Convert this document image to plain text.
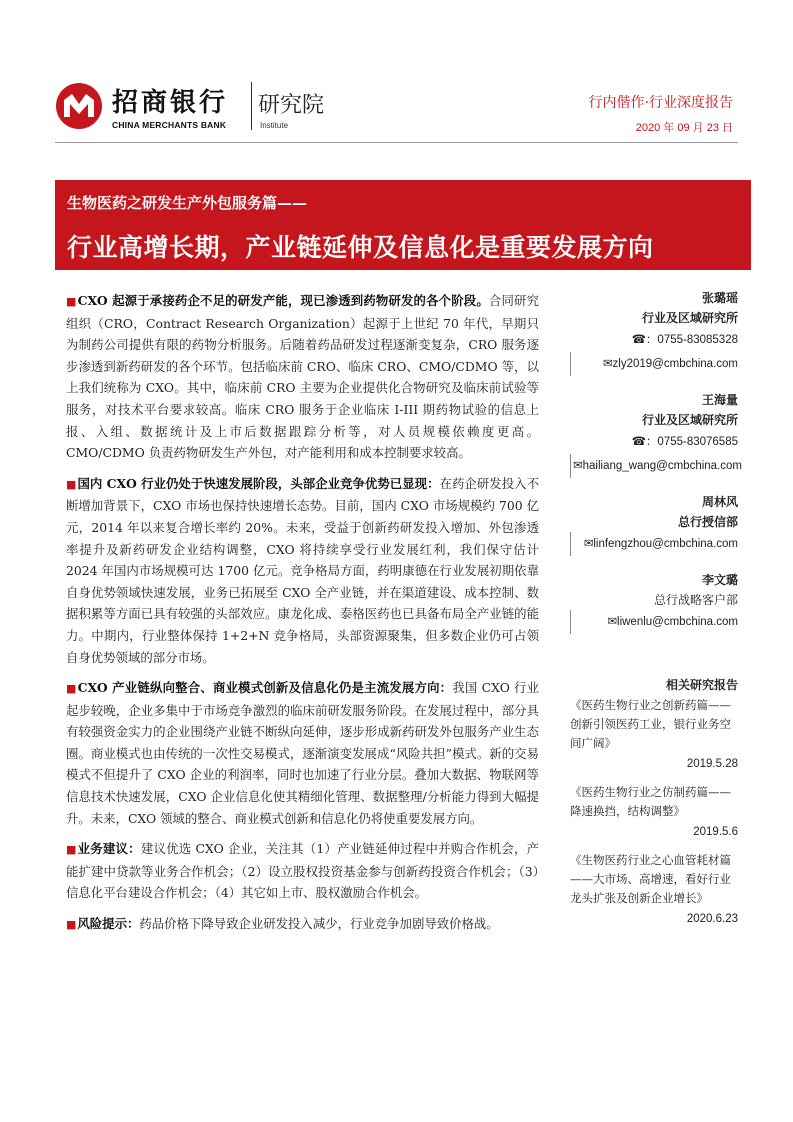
招商银行
CHINA MERCHANTS BANK
研究院
Institute
行内偕作·行业深度报告
2020 年 09 月 23 日
生物医药之研发生产外包服务篇——
行业高增长期，产业链延伸及信息化是重要发展方向

■CXO 起源于承接药企不足的研发产能，现已渗透到药物研发的各个阶段。合同研究组织（CRO，Contract Research Organization）起源于上世纪 70 年代，早期只为制药公司提供有限的药物分析服务。后随着药品研发过程逐渐变复杂，CRO 服务逐步渗透到新药研发的各个环节。包括临床前 CRO、临床 CRO、CMO/CDMO 等，以上我们统称为 CXO。其中，临床前 CRO 主要为企业提供化合物研究及临床前试验等服务，对技术平台要求较高。临床 CRO 服务于企业临床 I-III 期药物试验的信息上报、入组、数据统计及上市后数据跟踪分析等，对人员规模依赖度更高。CMO/CDMO 负责药物研发生产外包，对产能利用和成本控制要求较高。

■国内 CXO 行业仍处于快速发展阶段，头部企业竞争优势已显现：在药企研发投入不断增加背景下，CXO 市场也保持快速增长态势。目前，国内 CXO 市场规模约 700 亿元，2014 年以来复合增长率约 20%。未来，受益于创新药研发投入增加、外包渗透率提升及新药研发企业结构调整，CXO 将持续享受行业发展红利，我们保守估计 2024 年国内市场规模可达 1700 亿元。竞争格局方面，药明康德在行业发展初期依靠自身优势领域快速发展，业务已拓展至 CXO 全产业链，并在渠道建设、成本控制、数据积累等方面已具有较强的头部效应。康龙化成、泰格医药也已具备布局全产业链的能力。中期内，行业整体保持 1+2+N 竞争格局，头部资源聚集，但多数企业仍可占领自身优势领域的部分市场。

■CXO 产业链纵向整合、商业模式创新及信息化仍是主流发展方向：我国 CXO 行业起步较晚，企业多集中于市场竞争激烈的临床前研发服务阶段。在发展过程中，部分具有较强资金实力的企业围绕产业链不断纵向延伸，逐步形成新药研发外包服务产业生态圈。商业模式也由传统的一次性交易模式，逐渐演变发展成“风险共担”模式。新的交易模式不但提升了 CXO 企业的利润率，同时也加速了行业分层。叠加大数据、物联网等信息技术快速发展，CXO 企业信息化使其精细化管理、数据整理/分析能力得到大幅提升。未来，CXO 领域的整合、商业模式创新和信息化仍将使重要发展方向。

■业务建议：建议优选 CXO 企业，关注其（1）产业链延伸过程中并购合作机会，产能扩建中贷款等业务合作机会；（2）设立股权投资基金参与创新药投资合作机会；（3）信息化平台建设合作机会；（4）其它如上市、股权激励合作机会。

■风险提示：药品价格下降导致企业研发投入减少，行业竞争加剧导致价格战。

张璐瑶
行业及区域研究所
☎：0755-83085328
✉zly2019@cmbchina.com
王海量
行业及区域研究所
☎：0755-83076585
✉hailiang_wang@cmbchina.com
周林风
总行授信部
✉linfengzhou@cmbchina.com
李文璐
总行战略客户部
✉liwenlu@cmbchina.com
相关研究报告
《医药生物行业之创新药篇——创新引领医药工业，银行业务空间广阔》
2019.5.28
《医药生物行业之仿制药篇——降速换挡，结构调整》
2019.5.6
《生物医药行业之心血管耗材篇——大市场、高增速，看好行业龙头扩张及创新企业增长》
2020.6.23
